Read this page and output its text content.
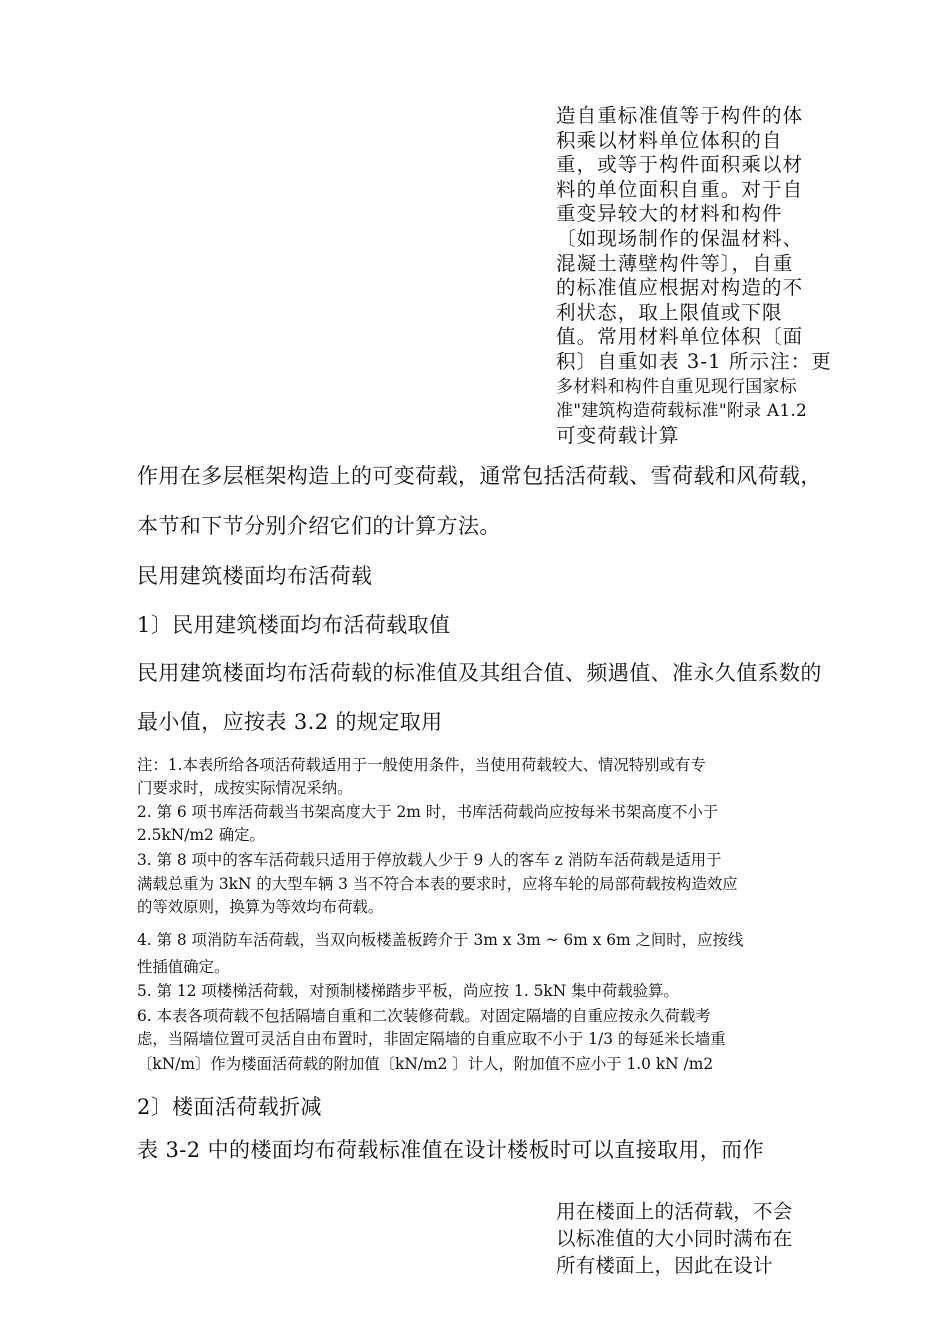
造自重标准值等于构件的体
积乘以材料单位体积的自
重，或等于构件面积乘以材
料的单位面积自重。对于自
重变异较大的材料和构件
〔如现场制作的保温材料、
混凝土薄壁构件等〕，自重
的标准值应根据对构造的不
利状态，取上限值或下限
值。常用材料单位体积〔面
积〕自重如表 3-1 所示注：更
多材料和构件自重见现行国家标
准"建筑构造荷载标准"附录 A1.2
可变荷载计算

作用在多层框架构造上的可变荷载，通常包括活荷载、雪荷载和风荷载，

本节和下节分别介绍它们的计算方法。

民用建筑楼面均布活荷载

1〕民用建筑楼面均布活荷载取值

民用建筑楼面均布活荷载的标准值及其组合值、频遇值、准永久值系数的

最小值，应按表 3.2 的规定取用

注：1.本表所给各项活荷载适用于一般使用条件，当使用荷载较大、情况特别或有专

门要求时，成按实际情况采纳。

2. 第 6 项书库活荷载当书架高度大于 2m 时，书库活荷载尚应按每米书架高度不小于

2.5kN/m2 确定。

3. 第 8 项中的客车活荷载只适用于停放载人少于 9 人的客车 z 消防车活荷载是适用于

满载总重为 3kN 的大型车辆 3 当不符合本表的要求时，应将车轮的局部荷载按构造效应

的等效原则，换算为等效均布荷载。

4. 第 8 项消防车活荷载，当双向板楼盖板跨介于 3m x 3m ~ 6m x 6m 之间时，应按线

性插值确定。

5. 第 12 项楼梯活荷载，对预制楼梯踏步平板，尚应按 1. 5kN 集中荷载验算。

6. 本表各项荷载不包括隔墙自重和二次装修荷载。对固定隔墙的自重应按永久荷载考

虑，当隔墙位置可灵活自由布置时，非固定隔墙的自重应取不小于 1/3 的每延米长墙重

〔kN/m〕作为楼面活荷载的附加值〔kN/m2 〕计人，附加值不应小于 1.0 kN /m2

2〕楼面活荷载折减

表 3-2 中的楼面均布荷载标准值在设计楼板时可以直接取用，而作

用在楼面上的活荷载，不会
以标准值的大小同时满布在
所有楼面上，因此在设计
